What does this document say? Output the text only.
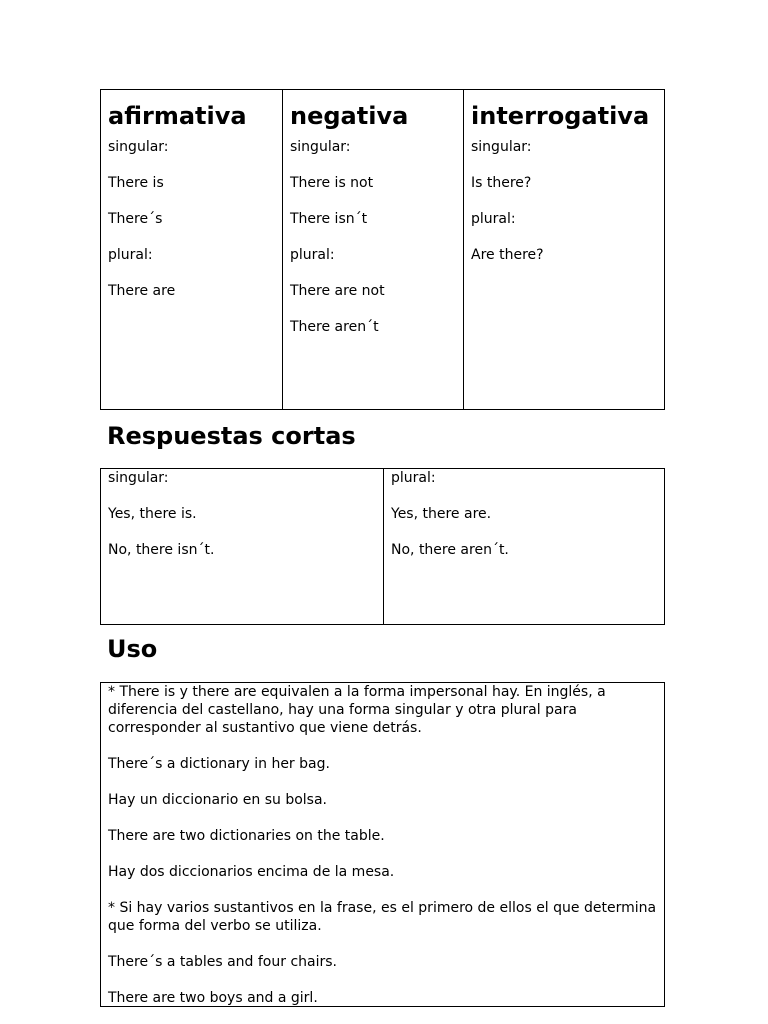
afirmativa
singular:
There is
There´s
plural:
There are
negativa
singular:
There is not
There isn´t
plural:
There are not
There aren´t
interrogativa
singular:
Is there?
plural:
Are there?
Respuestas cortas
singular:
Yes, there is.
No, there isn´t.
plural:
Yes, there are.
No, there aren´t.
Uso

* There is y there are equivalen a la forma impersonal hay. En inglés, a diferencia del castellano, hay una forma singular y otra plural para corresponder al sustantivo que viene detrás.

There´s a dictionary in her bag.

Hay un diccionario en su bolsa.

There are two dictionaries on the table.

Hay dos diccionarios encima de la mesa.

* Si hay varios sustantivos en la frase, es el primero de ellos el que determina que forma del verbo se utiliza.

There´s a tables and four chairs.

There are two boys and a girl.
